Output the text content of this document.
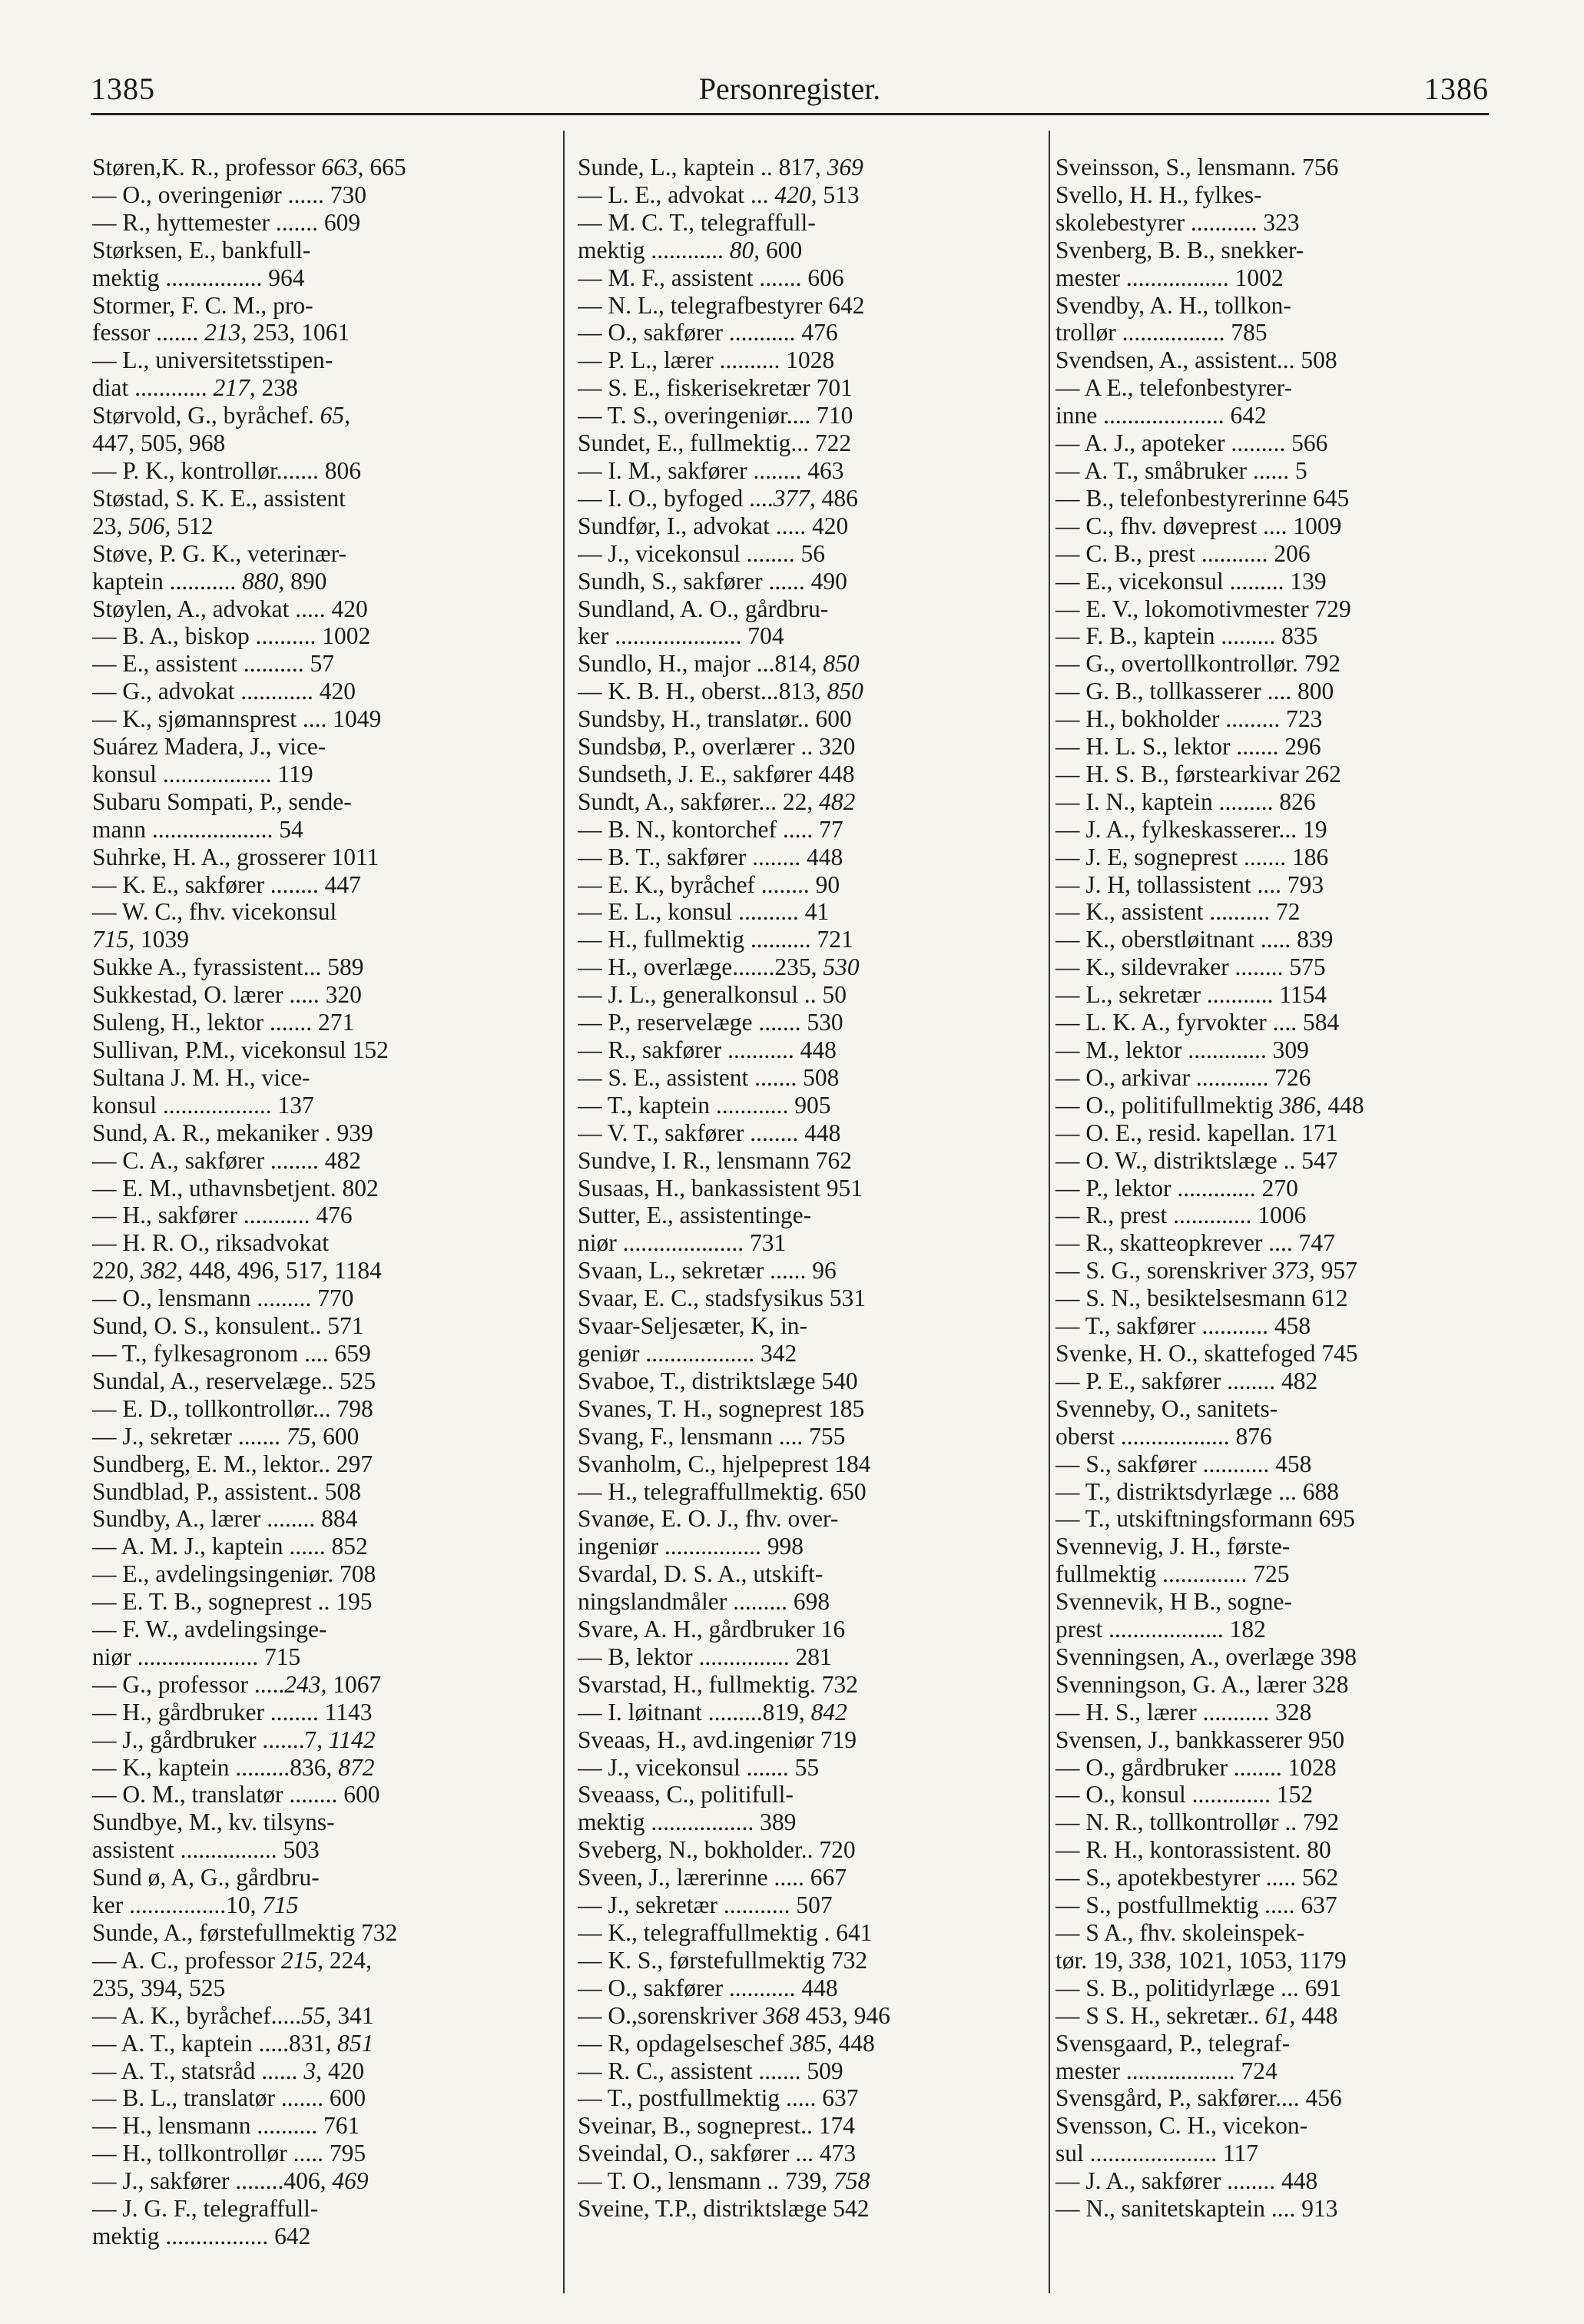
1385	Personregister.	1386
Støren,K. R., professor 663, 665
— O., overingeniør ...... 730
— R., hyttemester ....... 609
Størksen, E., bankfull-
mektig ................ 964
Stormer, F. C. M., pro-
fessor ....... 213, 253, 1061
— L., universitetsstipen-
diat ............ 217, 238
Størvold, G., byråchef. 65,
447, 505, 968
— P. K., kontrollør....... 806
Støstad, S. K. E., assistent
23, 506, 512
Støve, P. G. K., veterinær-
kaptein ........... 880, 890
Støylen, A., advokat ..... 420
— B. A., biskop .......... 1002
— E., assistent .......... 57
— G., advokat ............ 420
— K., sjømannsprest .... 1049
Suárez Madera, J., vice-
konsul .................. 119
Subaru Sompati, P., sende-
mann .................... 54
Suhrke, H. A., grosserer 1011
— K. E., sakfører ........ 447
— W. C., fhv. vicekonsul
715, 1039
Sukke A., fyrassistent... 589
Sukkestad, O. lærer ..... 320
Suleng, H., lektor ....... 271
Sullivan, P.M., vicekonsul 152
Sultana J. M. H., vice-
konsul .................. 137
Sund, A. R., mekaniker . 939
— C. A., sakfører ........ 482
— E. M., uthavnsbetjent. 802
— H., sakfører ........... 476
— H. R. O., riksadvokat
220, 382, 448, 496, 517, 1184
— O., lensmann ......... 770
Sund, O. S., konsulent.. 571
— T., fylkesagronom .... 659
Sundal, A., reservelæge.. 525
— E. D., tollkontrollør... 798
— J., sekretær ....... 75, 600
Sundberg, E. M., lektor.. 297
Sundblad, P., assistent.. 508
Sundby, A., lærer ........ 884
— A. M. J., kaptein ...... 852
— E., avdelingsingeniør. 708
— E. T. B., sogneprest .. 195
— F. W., avdelingsinge-
niør .................... 715
— G., professor .....243, 1067
— H., gårdbruker ........ 1143
— J., gårdbruker .......7, 1142
— K., kaptein .........836, 872
— O. M., translatør ........ 600
Sundbye, M., kv. tilsyns-
assistent ................ 503
Sund ø, A, G., gårdbru-
ker ................10, 715
Sunde, A., førstefullmektig 732
— A. C., professor 215, 224,
235, 394, 525
— A. K., byråchef.....55, 341
— A. T., kaptein .....831, 851
— A. T., statsråd ...... 3, 420
— B. L., translatør ....... 600
— H., lensmann .......... 761
— H., tollkontrollør ..... 795
— J., sakfører ........406, 469
— J. G. F., telegraffull-
mektig ................. 642
Sunde, L., kaptein .. 817, 369
— L. E., advokat ... 420, 513
— M. C. T., telegraffull-
mektig ............ 80, 600
— M. F., assistent ....... 606
— N. L., telegrafbestyrer 642
— O., sakfører ........... 476
— P. L., lærer .......... 1028
— S. E., fiskerisekretær 701
— T. S., overingeniør.... 710
Sundet, E., fullmektig... 722
— I. M., sakfører ........ 463
— I. O., byfoged ....377, 486
Sundfør, I., advokat ..... 420
— J., vicekonsul ........ 56
Sundh, S., sakfører ...... 490
Sundland, A. O., gårdbru-
ker ..................... 704
Sundlo, H., major ...814, 850
— K. B. H., oberst...813, 850
Sundsby, H., translatør.. 600
Sundsbø, P., overlærer .. 320
Sundseth, J. E., sakfører 448
Sundt, A., sakfører... 22, 482
— B. N., kontorchef ..... 77
— B. T., sakfører ........ 448
— E. K., byråchef ........ 90
— E. L., konsul .......... 41
— H., fullmektig .......... 721
— H., overlæge.......235, 530
— J. L., generalkonsul .. 50
— P., reservelæge ....... 530
— R., sakfører ........... 448
— S. E., assistent ....... 508
— T., kaptein ............ 905
— V. T., sakfører ........ 448
Sundve, I. R., lensmann 762
Susaas, H., bankassistent 951
Sutter, E., assistentinge-
niør .................... 731
Svaan, L., sekretær ...... 96
Svaar, E. C., stadsfysikus 531
Svaar-Seljesæter, K, in-
geniør .................. 342
Svaboe, T., distriktslæge 540
Svanes, T. H., sogneprest 185
Svang, F., lensmann .... 755
Svanholm, C., hjelpeprest 184
— H., telegraffullmektig. 650
Svanøe, E. O. J., fhv. over-
ingeniør ................ 998
Svardal, D. S. A., utskift-
ningslandmåler ......... 698
Svare, A. H., gårdbruker 16
— B, lektor ............... 281
Svarstad, H., fullmektig. 732
— I. løitnant .........819, 842
Sveaas, H., avd.ingeniør 719
— J., vicekonsul ....... 55
Sveaass, C., politifull-
mektig ................. 389
Sveberg, N., bokholder.. 720
Sveen, J., lærerinne ..... 667
— J., sekretær ........... 507
— K., telegraffullmektig . 641
— K. S., førstefullmektig 732
— O., sakfører ........... 448
— O.,sorenskriver 368 453, 946
— R, opdagelseschef 385, 448
— R. C., assistent ....... 509
— T., postfullmektig ..... 637
Sveinar, B., sogneprest.. 174
Sveindal, O., sakfører ... 473
— T. O., lensmann .. 739, 758
Sveine, T.P., distriktslæge 542
Sveinsson, S., lensmann. 756
Svello, H. H., fylkes-
skolebestyrer ........... 323
Svenberg, B. B., snekker-
mester ................. 1002
Svendby, A. H., tollkon-
trollør ................. 785
Svendsen, A., assistent... 508
— A E., telefonbestyrer-
inne .................... 642
— A. J., apoteker ......... 566
— A. T., småbruker ...... 5
— B., telefonbestyrerinne 645
— C., fhv. døveprest .... 1009
— C. B., prest ........... 206
— E., vicekonsul ......... 139
— E. V., lokomotivmester 729
— F. B., kaptein ......... 835
— G., overtollkontrollør. 792
— G. B., tollkasserer .... 800
— H., bokholder ......... 723
— H. L. S., lektor ....... 296
— H. S. B., førstearkivar 262
— I. N., kaptein ......... 826
— J. A., fylkeskasserer... 19
— J. E, sogneprest ....... 186
— J. H, tollassistent .... 793
— K., assistent .......... 72
— K., oberstløitnant ..... 839
— K., sildevraker ........ 575
— L., sekretær ........... 1154
— L. K. A., fyrvokter .... 584
— M., lektor ............. 309
— O., arkivar ............ 726
— O., politifullmektig 386, 448
— O. E., resid. kapellan. 171
— O. W., distriktslæge .. 547
— P., lektor ............. 270
— R., prest ............. 1006
— R., skatteopkrever .... 747
— S. G., sorenskriver 373, 957
— S. N., besiktelsesmann 612
— T., sakfører ........... 458
Svenke, H. O., skattefoged 745
— P. E., sakfører ........ 482
Svenneby, O., sanitets-
oberst .................. 876
— S., sakfører ........... 458
— T., distriktsdyrlæge ... 688
— T., utskiftningsformann 695
Svennevig, J. H., første-
fullmektig .............. 725
Svennevik, H B., sogne-
prest ................... 182
Svenningsen, A., overlæge 398
Svenningson, G. A., lærer 328
— H. S., lærer ........... 328
Svensen, J., bankkasserer 950
— O., gårdbruker ........ 1028
— O., konsul ............. 152
— N. R., tollkontrollør .. 792
— R. H., kontorassistent. 80
— S., apotekbestyrer ..... 562
— S., postfullmektig ..... 637
— S A., fhv. skoleinspek-
tør. 19, 338, 1021, 1053, 1179
— S. B., politidyrlæge ... 691
— S S. H., sekretær.. 61, 448
Svensgaard, P., telegraf-
mester .................. 724
Svensgård, P., sakfører.... 456
Svensson, C. H., vicekon-
sul ..................... 117
— J. A., sakfører ........ 448
— N., sanitetskaptein .... 913
